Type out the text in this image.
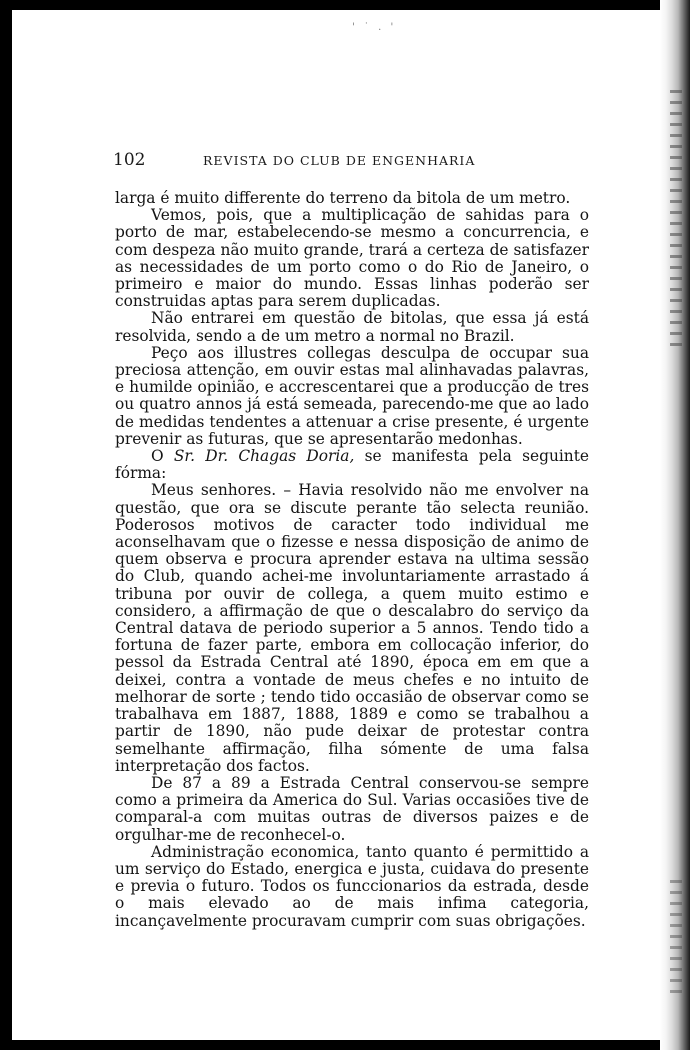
' ˙ . '
102	REVISTA DO CLUB DE ENGENHARIA

larga é muito differente do terreno da bitola de um metro.

Vemos, pois, que a multiplicação de sahidas para o porto de mar, estabelecendo-se mesmo a concurrencia, e com despeza não muito grande, trará a certeza de satisfazer as necessidades de um porto como o do Rio de Janeiro, o primeiro e maior do mundo. Essas linhas poderão ser construidas aptas para serem duplicadas.

Não entrarei em questão de bitolas, que essa já está resolvida, sendo a de um metro a normal no Brazil.

Peço aos illustres collegas desculpa de occupar sua preciosa attenção, em ouvir estas mal alinhavadas palavras, e humilde opinião, e accrescentarei que a producção de tres ou quatro annos já está semeada, parecendo-me que ao lado de medidas tendentes a attenuar a crise presente, é urgente prevenir as futuras, que se apresentarão medonhas.

O Sr. Dr. Chagas Doria, se manifesta pela seguinte fórma:

Meus senhores. – Havia resolvido não me envolver na questão, que ora se discute perante tão selecta reunião. Poderosos motivos de caracter todo individual me aconselhavam que o fizesse e nessa disposição de animo de quem observa e procura aprender estava na ultima sessão do Club, quando achei-me involuntariamente arrastado á tribuna por ouvir de collega, a quem muito estimo e considero, a affirmação de que o descalabro do serviço da Central datava de periodo superior a 5 annos. Tendo tido a fortuna de fazer parte, embora em collocação inferior, do pessol da Estrada Central até 1890, época em em que a deixei, contra a vontade de meus chefes e no intuito de melhorar de sorte ; tendo tido occasião de observar como se trabalhava em 1887, 1888, 1889 e como se trabalhou a partir de 1890, não pude deixar de protestar contra semelhante affirmação, filha sómente de uma falsa interpretação dos factos.

De 87 a 89 a Estrada Central conservou-se sempre como a primeira da America do Sul. Varias occasiões tive de comparal-a com muitas outras de diversos paizes e de orgulhar-me de reconhecel-o.

Administração economica, tanto quanto é permittido a um serviço do Estado, energica e justa, cuidava do presente e previa o futuro. Todos os funccionarios da estrada, desde o mais elevado ao de mais infima categoria, incançavelmente procuravam cumprir com suas obrigações.
